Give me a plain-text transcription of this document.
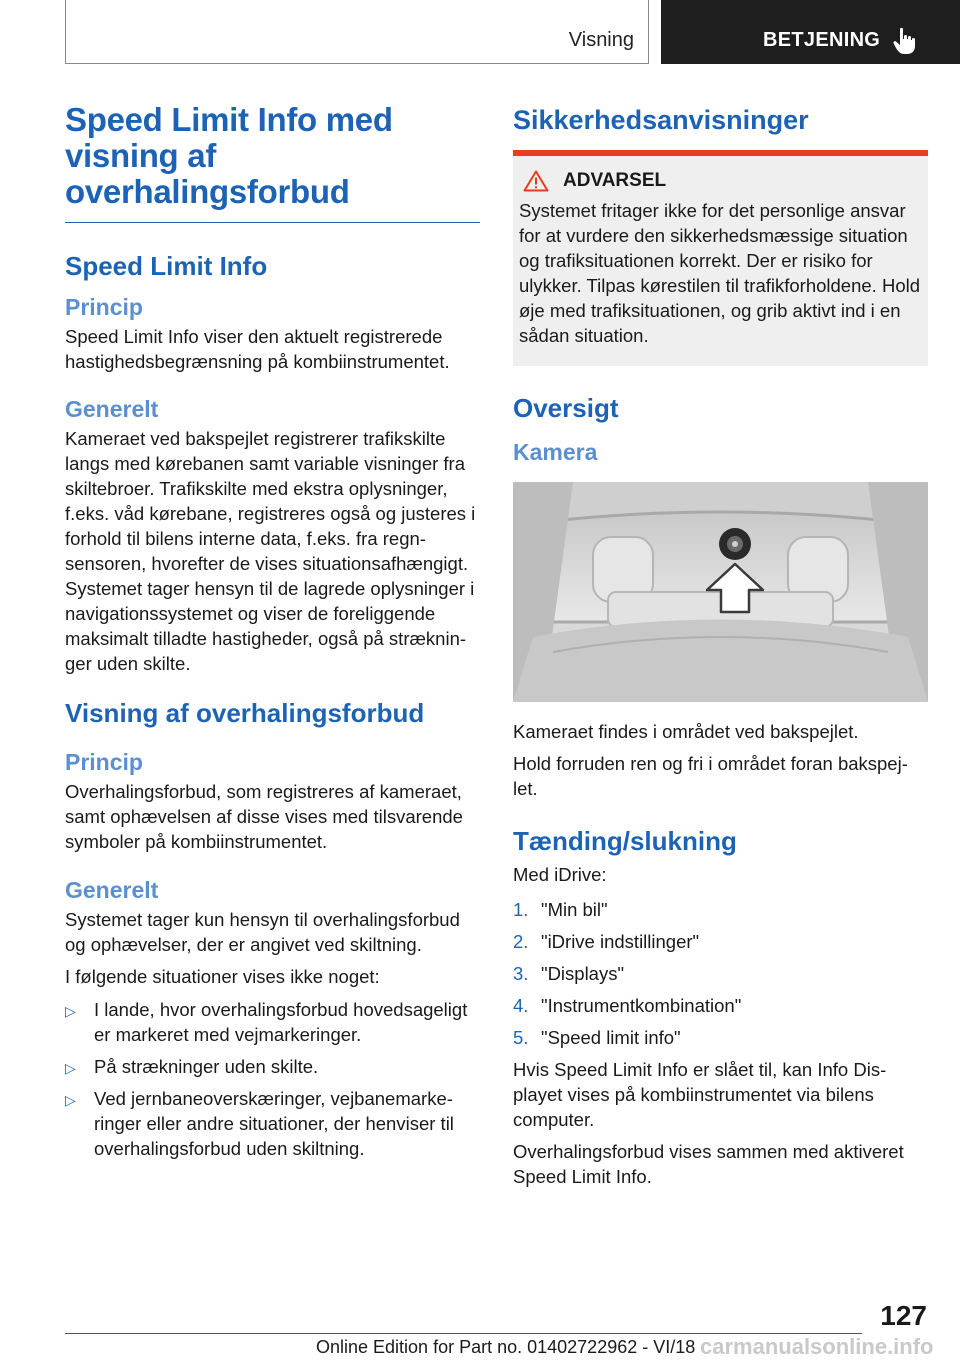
Visning	BETJENING
Speed Limit Info med visning af overhalingsforbud
Speed Limit Info
Princip

Speed Limit Info viser den aktuelt registrerede hastighedsbegrænsning på kombiinstrumentet.

Generelt

Kameraet ved bakspejlet registrerer trafikskilte langs med kørebanen samt variable visninger fra skiltebroer. Trafikskilte med ekstra oplysninger, f.eks. våd kørebane, registreres også og justeres i forhold til bilens interne data, f.eks. fra regn-sensoren, hvorefter de vises situationsafhængigt. Systemet tager hensyn til de lagrede oplysninger i navigationssystemet og viser de foreliggende maksimalt tilladte hastigheder, også på stræknin-ger uden skilte.

Visning af overhalingsforbud
Princip

Overhalingsforbud, som registreres af kameraet, samt ophævelsen af disse vises med tilsvarende symboler på kombiinstrumentet.

Generelt

Systemet tager kun hensyn til overhalingsforbud og ophævelser, der er angivet ved skiltning.

I følgende situationer vises ikke noget:

▷ I lande, hvor overhalingsforbud hovedsageligt er markeret med vejmarkeringer.
▷ På strækninger uden skilte.
▷ Ved jernbaneoverskæringer, vejbanemarke-ringer eller andre situationer, der henviser til overhalingsforbud uden skiltning.
Sikkerhedsanvisninger
ADVARSEL

Systemet fritager ikke for det personlige ansvar for at vurdere den sikkerhedsmæssige situation og trafiksituationen korrekt. Der er risiko for ulykker. Tilpas kørestilen til trafikforholdene. Hold øje med trafiksituationen, og grib aktivt ind i en sådan situation.

Oversigt
Kamera

Kameraet findes i området ved bakspejlet.

Hold forruden ren og fri i området foran bakspej-let.

Tænding/slukning

Med iDrive:

1. "Min bil"
2. "iDrive indstillinger"
3. "Displays"
4. "Instrumentkombination"
5. "Speed limit info"

Hvis Speed Limit Info er slået til, kan Info Dis-playet vises på kombiinstrumentet via bilens computer.

Overhalingsforbud vises sammen med aktiveret Speed Limit Info.

127
Online Edition for Part no. 01402722962 - VI/18 carmanualsonline.info
